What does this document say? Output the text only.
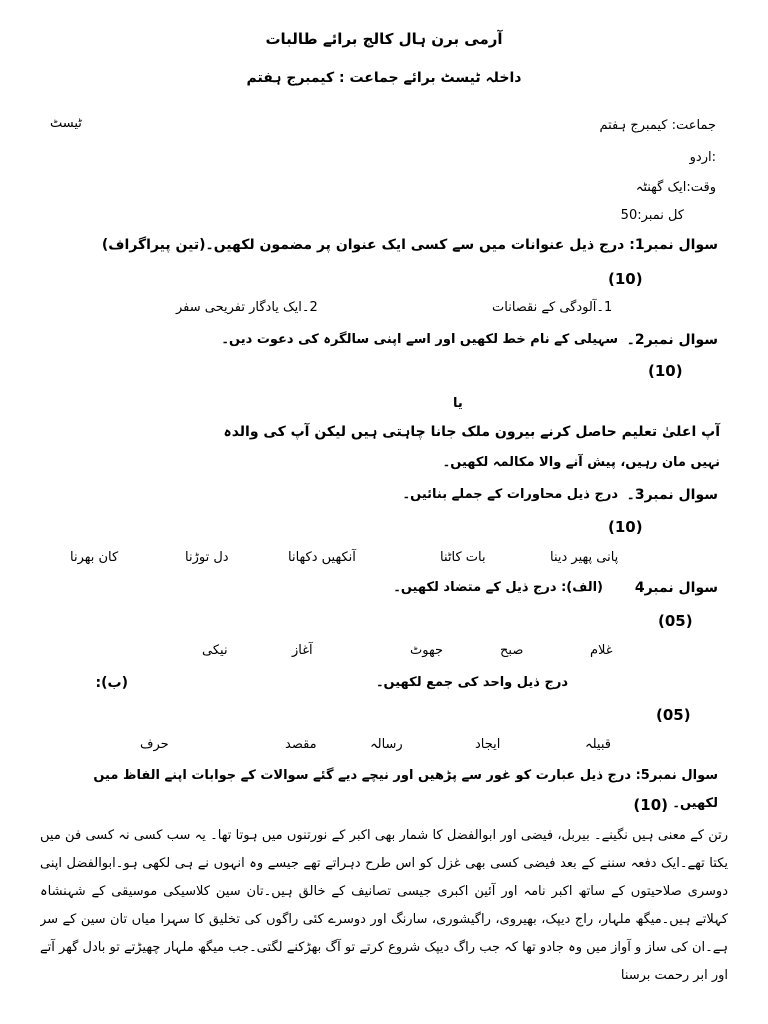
آرمی برن ہال کالج برائے طالبات
داخلہ ٹیسٹ برائے جماعت : کیمبرج ہفتم
جماعت: کیمبرج ہفتم
ٹیسٹ
:اردو
وقت:ایک گھنٹہ
کل نمبر:50
سوال نمبر1: درج ذیل عنوانات میں سے کسی ایک عنوان پر مضمون لکھیں۔(تین پیراگراف)
(10)
1۔آلودگی کے نقصانات
2۔ایک یادگار تفریحی سفر
سوال نمبر2۔
سہیلی کے نام خط لکھیں اور اسے اپنی سالگرہ کی دعوت دیں۔
(10)
یا
آپ اعلیٰ تعلیم حاصل کرنے بیرون ملک جانا چاہتی ہیں لیکن آپ کی والدہ
نہیں مان رہیں، پیش آنے والا مکالمہ لکھیں۔
سوال نمبر3۔
درج ذیل محاورات کے جملے بنائیں۔
(10)
کان بھرنا	دل توڑنا	آنکھیں دکھانا	بات کاٹنا	پانی پھیر دینا
سوال نمبر4
(الف): درج ذیل کے متضاد لکھیں۔
(05)
نیکی	آغاز	جھوٹ	صبح	غلام
(ب):	درج ذیل واحد کی جمع لکھیں۔
(05)
حرف	مقصد	رسالہ	ایجاد	قبیلہ
سوال نمبر5: درج ذیل عبارت کو غور سے پڑھیں اور نیچے دیے گئے سوالات کے جوابات اپنے الفاظ میں
لکھیں۔
(10)
رتن کے معنی ہیں نگینے۔ بیربل، فیضی اور ابوالفضل کا شمار بھی اکبر کے نورتنوں میں ہوتا تھا۔ یہ سب کسی نہ کسی فن میں یکتا تھے۔ایک دفعہ سننے کے بعد فیضی کسی بھی غزل کو اس طرح دہراتے تھے جیسے وہ انہوں نے ہی لکھی ہو۔ابوالفضل اپنی دوسری صلاحیتوں کے ساتھ اکبر نامہ اور آئین اکبری جیسی تصانیف کے خالق ہیں۔تان سین کلاسیکی موسیقی کے شہنشاہ کہلاتے ہیں۔میگھ ملہار، راج دیپک، بھیروی، راگیشوری، سارنگ اور دوسرے کئی راگوں کی تخلیق کا سہرا میاں تان سین کے سر ہے۔ان کی ساز و آواز میں وہ جادو تھا کہ جب راگ دیپک شروع کرتے تو آگ بھڑکنے لگتی۔جب میگھ ملہار چھیڑتے تو بادل گھر آتے اور ابر رحمت برسنا
